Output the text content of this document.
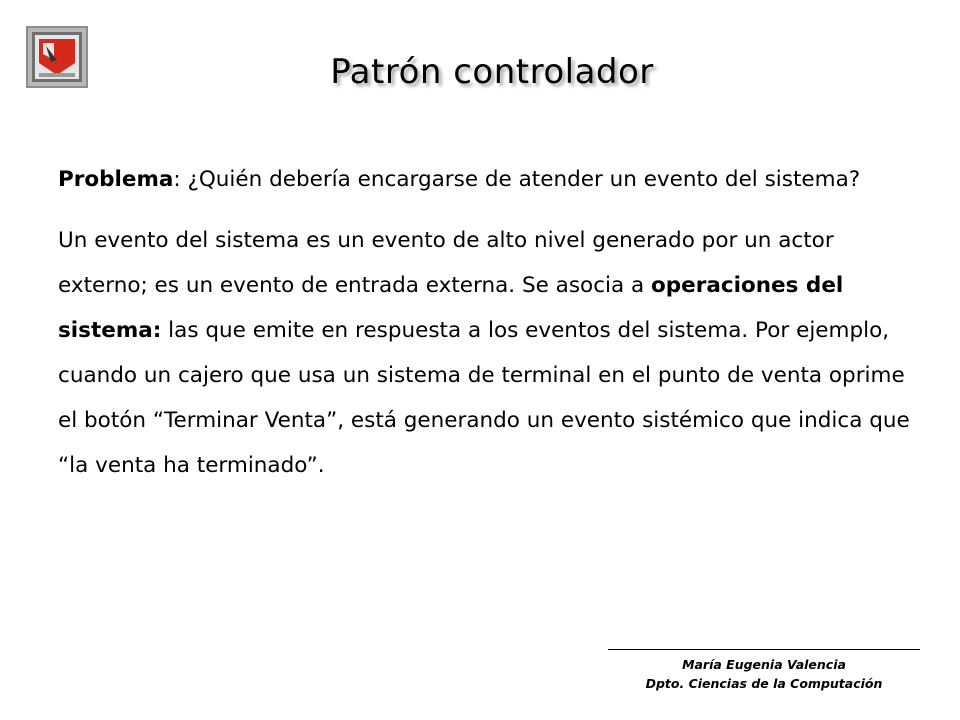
Patrón controlador

Problema: ¿Quién debería encargarse de atender un evento del sistema?

Un evento del sistema es un evento de alto nivel generado por un actor externo; es un evento de entrada externa. Se asocia a operaciones del sistema: las que emite en respuesta a los eventos del sistema. Por ejemplo, cuando un cajero que usa un sistema de terminal en el punto de venta oprime el botón “Terminar Venta”, está generando un evento sistémico que indica que “la venta ha terminado”.

María Eugenia Valencia
Dpto. Ciencias de la Computación
